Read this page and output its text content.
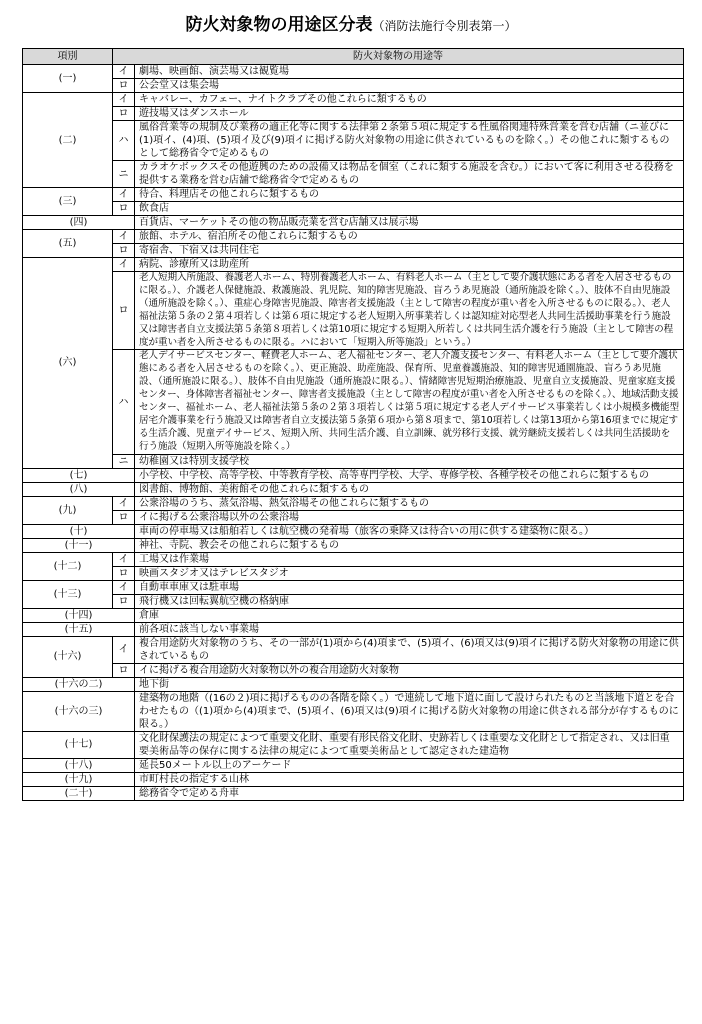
防火対象物の用途区分表（消防法施行令別表第一）
項別	防火対象物の用途等	
(一)	イ	劇場、映画館、演芸場又は観覧場
	ロ	公会堂又は集会場
(二)	イ	キャバレー、カフェー、ナイトクラブその他これらに類するもの
	ロ	遊技場又はダンスホール
	ハ	風俗営業等の規制及び業務の適正化等に関する法律第２条第５項に規定する性風俗関連特殊営業を営む店舗（ニ並びに(1)項イ、(4)項、(5)項イ及び(9)項イに掲げる防火対象物の用途に供されているものを除く。）その他これに類するものとして総務省令で定めるもの
	ニ	カラオケボックスその他遊興のための設備又は物品を個室（これに類する施設を含む。）において客に利用させる役務を提供する業務を営む店舗で総務省令で定めるもの
(三)	イ	待合、料理店その他これらに類するもの
	ロ	飲食店
(四)		百貨店、マーケットその他の物品販売業を営む店舗又は展示場
(五)	イ	旅館、ホテル、宿泊所その他これらに類するもの
	ロ	寄宿舎、下宿又は共同住宅
(六)	イ	病院、診療所又は助産所
	ロ	老人短期入所施設、養護老人ホーム、特別養護老人ホーム、有料老人ホーム（主として要介護状態にある者を入居させるものに限る。）、介護老人保健施設、救護施設、乳児院、知的障害児施設、盲ろうあ児施設（通所施設を除く。）、肢体不自由児施設（通所施設を除く。）、重症心身障害児施設、障害者支援施設（主として障害の程度が重い者を入所させるものに限る。）、老人福祉法第５条の２第４項若しくは第６項に規定する老人短期入所事業若しくは認知症対応型老人共同生活援助事業を行う施設又は障害者自立支援法第５条第８項若しくは第10項に規定する短期入所若しくは共同生活介護を行う施設（主として障害の程度が重い者を入所させるものに限る。ハにおいて「短期入所等施設」という。）
	ハ	老人デイサービスセンター、軽費老人ホーム、老人福祉センター、老人介護支援センター、有料老人ホーム（主として要介護状態にある者を入居させるものを除く。）、更正施設、助産施設、保育所、児童養護施設、知的障害児通園施設、盲ろうあ児施設、（通所施設に限る。）、肢体不自由児施設（通所施設に限る。）、情緒障害児短期治療施設、児童自立支援施設、児童家庭支援センター、身体障害者福祉センター、障害者支援施設（主として障害の程度が重い者を入所させるものを除く。）、地域活動支援センター、福祉ホーム、老人福祉法第５条の２第３項若しくは第５項に規定する老人デイサービス事業若しくは小規模多機能型居宅介護事業を行う施設又は障害者自立支援法第５条第６項から第８項まで、第10項若しくは第13項から第16項までに規定する生活介護、児童デイサービス、短期入所、共同生活介護、自立訓練、就労移行支援、就労継続支援若しくは共同生活援助を行う施設（短期入所等施設を除く。）
	ニ	幼稚園又は特別支援学校
(七)		小学校、中学校、高等学校、中等教育学校、高等専門学校、大学、専修学校、各種学校その他これらに類するもの
(八)		図書館、博物館、美術館その他これらに類するもの
(九)	イ	公衆浴場のうち、蒸気浴場、熱気浴場その他これらに類するもの
	ロ	イに掲げる公衆浴場以外の公衆浴場
(十)		車両の停車場又は船舶若しくは航空機の発着場（旅客の乗降又は待合いの用に供する建築物に限る。）
(十一)		神社、寺院、教会その他これらに類するもの
(十二)	イ	工場又は作業場
	ロ	映画スタジオ又はテレビスタジオ
(十三)	イ	自動車車庫又は駐車場
	ロ	飛行機又は回転翼航空機の格納庫
(十四)		倉庫
(十五)		前各項に該当しない事業場
(十六)	イ	複合用途防火対象物のうち、その一部が(1)項から(4)項まで、(5)項イ、(6)項又は(9)項イに掲げる防火対象物の用途に供されているもの
	ロ	イに掲げる複合用途防火対象物以外の複合用途防火対象物
(十六の二)		地下街
(十六の三)		建築物の地階（(16の２)項に掲げるものの各階を除く。）で連続して地下道に面して設けられたものと当該地下道とを合わせたもの（(1)項から(4)項まで、(5)項イ、(6)項又は(9)項イに掲げる防火対象物の用途に供される部分が存するものに限る。）
(十七)		文化財保護法の規定によつて重要文化財、重要有形民俗文化財、史跡若しくは重要な文化財として指定され、又は旧重要美術品等の保存に関する法律の規定によつて重要美術品として認定された建造物
(十八)		延長50メートル以上のアーケード
(十九)		市町村長の指定する山林
(二十)		総務省令で定める舟車
